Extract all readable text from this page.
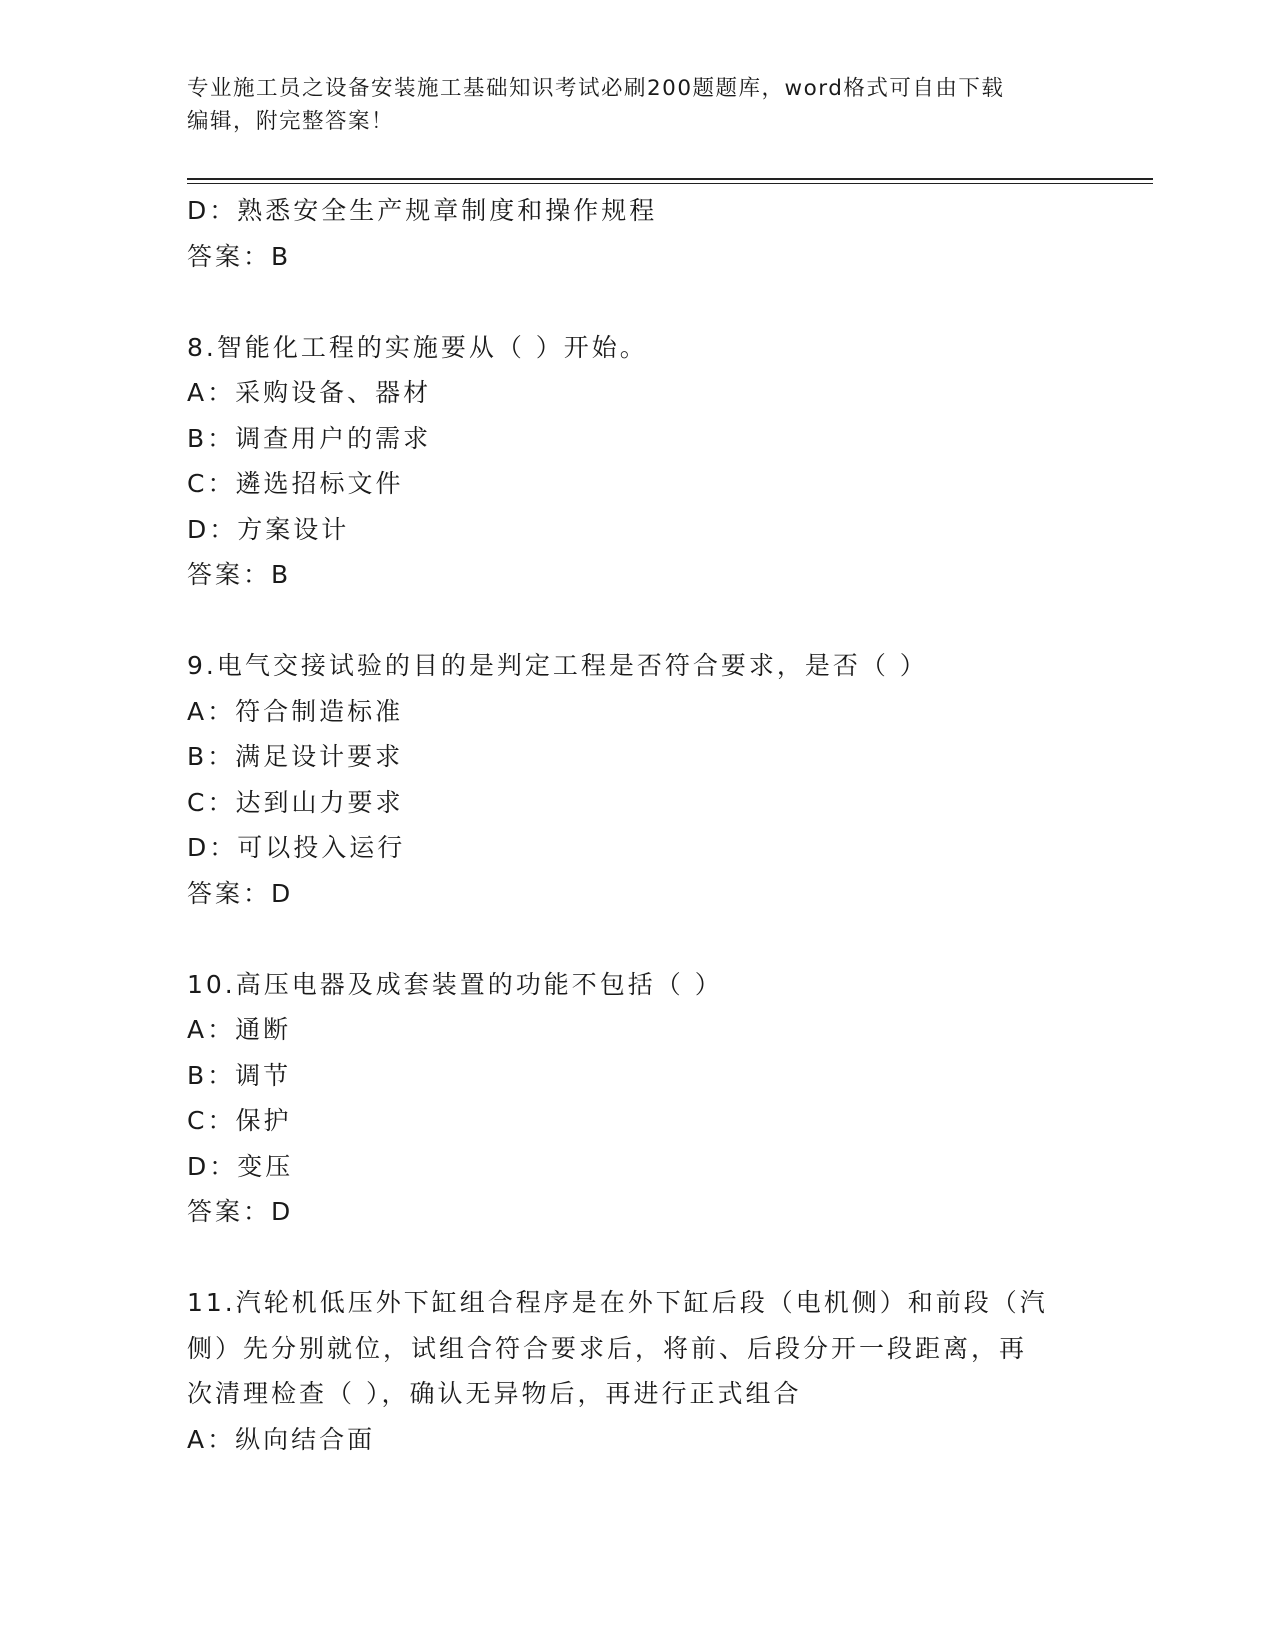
专业施工员之设备安装施工基础知识考试必刷200题题库，word格式可自由下载
编辑，附完整答案！
D：熟悉安全生产规章制度和操作规程
答案：B
8.智能化工程的实施要从（ ）开始。
A：采购设备、器材
B：调查用户的需求
C：遴选招标文件
D：方案设计
答案：B
9.电气交接试验的目的是判定工程是否符合要求，是否（ ）
A：符合制造标准
B：满足设计要求
C：达到山力要求
D：可以投入运行
答案：D
10.高压电器及成套装置的功能不包括（ ）
A：通断
B：调节
C：保护
D：变压
答案：D
11.汽轮机低压外下缸组合程序是在外下缸后段（电机侧）和前段（汽
侧）先分别就位，试组合符合要求后，将前、后段分开一段距离，再
次清理检查（ ），确认无异物后，再进行正式组合
A：纵向结合面
